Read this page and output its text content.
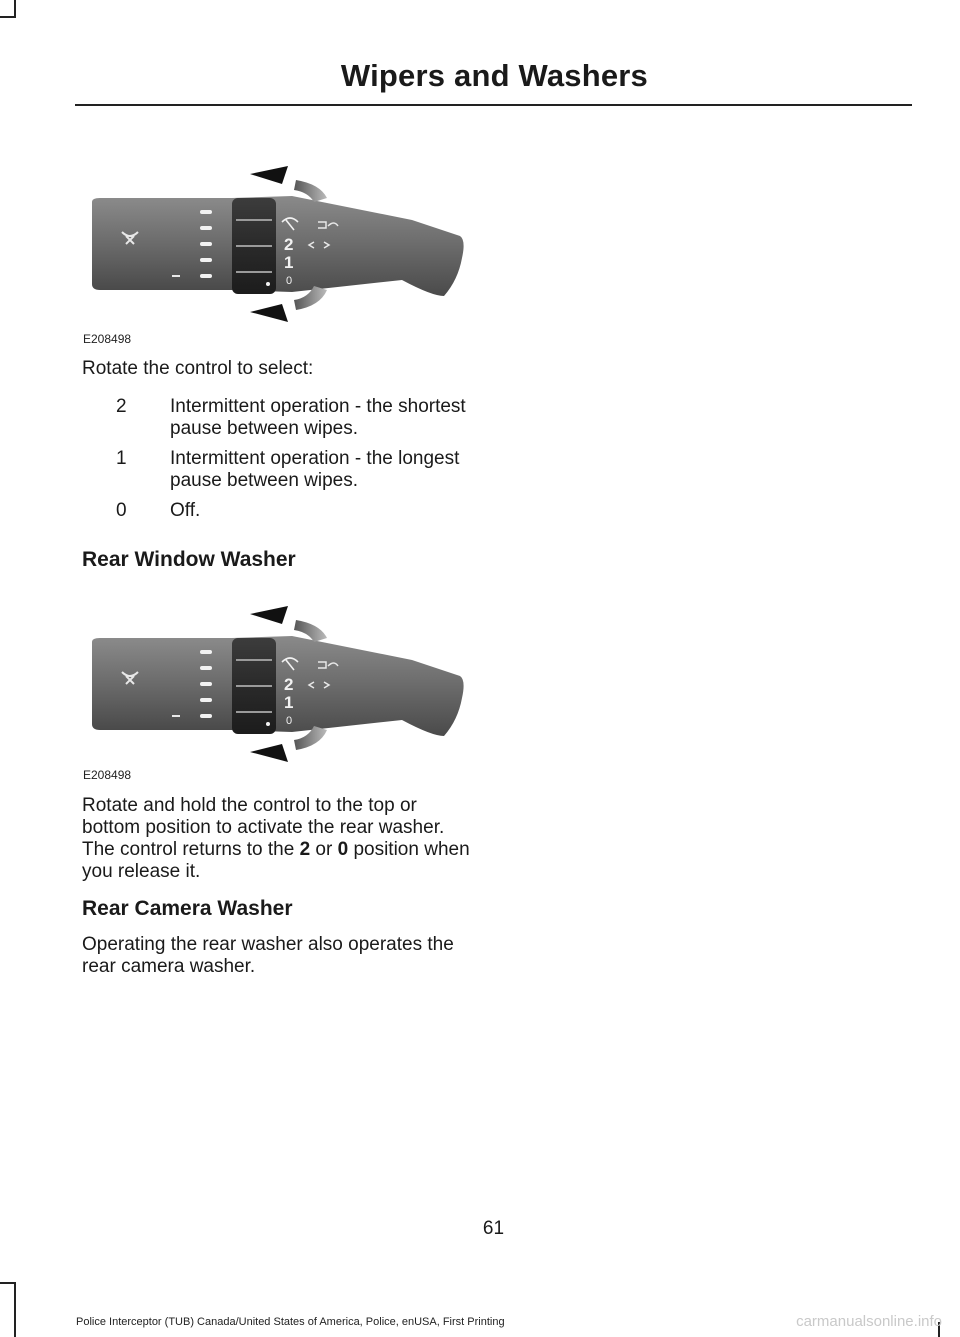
Wipers and Washers
2
1
0
E208498
Rotate the control to select:
2	Intermittent operation - the shortest pause between wipes.
1	Intermittent operation - the longest pause between wipes.
0	Off.
Rear Window Washer
2
1
0
E208498
Rotate and hold the control to the top or bottom position to activate the rear washer. The control returns to the 2 or 0 position when you release it.
Rear Camera Washer
Operating the rear washer also operates the rear camera washer.
61
Police Interceptor (TUB) Canada/United States of America, Police, enUSA, First Printing	carmanualsonline.info
